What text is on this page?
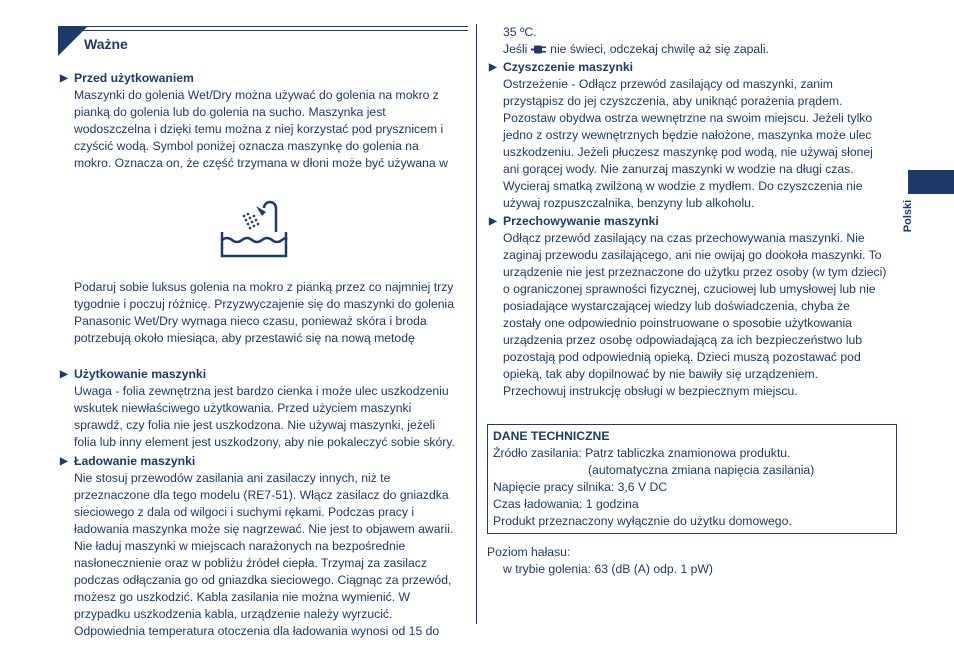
Ważne
▶ Przed użytkowaniem
Maszynki do golenia Wet/Dry można używać do golenia na mokro z
pianką do golenia lub do golenia na sucho. Maszynka jest
wodoszczelna i dzięki temu można z niej korzystać pod prysznicem i
czyścić wodą. Symbol poniżej oznacza maszynkę do golenia na
mokro. Oznacza on, że część trzymana w dłoni może być używana w
Podaruj sobie luksus golenia na mokro z pianką przez co najmniej trzy
tygodnie i poczuj różnicę. Przyzwyczajenie się do maszynki do golenia
Panasonic Wet/Dry wymaga nieco czasu, ponieważ skóra i broda
potrzebują około miesiąca, aby przestawić się na nową metodę
▶ Użytkowanie maszynki
Uwaga - folia zewnętrzna jest bardzo cienka i może ulec uszkodzeniu
wskutek niewłaściwego użytkowania. Przed użyciem maszynki
sprawdź, czy folia nie jest uszkodzona. Nie używaj maszynki, jeżeli
folia lub inny element jest uszkodzony, aby nie pokaleczyć sobie skóry.
▶ Ładowanie maszynki
Nie stosuj przewodów zasilania ani zasilaczy innych, niż te
przeznaczone dla tego modelu (RE7-51). Włącz zasilacz do gniazdka
sieciowego z dala od wilgoci i suchymi rękami. Podczas pracy i
ładowania maszynka może się nagrzewać. Nie jest to objawem awarii.
Nie ładuj maszynki w miejscach narażonych na bezpośrednie
nasłonecznienie oraz w pobliżu źródeł ciepła. Trzymaj za zasilacz
podczas odłączania go od gniazdka sieciowego. Ciągnąc za przewód,
możesz go uszkodzić. Kabla zasilania nie można wymienić. W
przypadku uszkodzenia kabla, urządzenie należy wyrzucić.
Odpowiednia temperatura otoczenia dla ładowania wynosi od 15 do
35 ºC.
Jeśli nie świeci, odczekaj chwilę aż się zapali.
▶ Czyszczenie maszynki
Ostrzeżenie - Odłącz przewód zasilający od maszynki, zanim
przystąpisz do jej czyszczenia, aby uniknąć porażenia prądem.
Pozostaw obydwa ostrza wewnętrzne na swoim miejscu. Jeżeli tylko
jedno z ostrzy wewnętrznych będzie nałożone, maszynka może ulec
uszkodzeniu. Jeżeli płuczesz maszynkę pod wodą, nie używaj słonej
ani gorącej wody. Nie zanurzaj maszynki w wodzie na długi czas.
Wycieraj smatką zwilżoną w wodzie z mydłem. Do czyszczenia nie
używaj rozpuszczalnika, benzyny lub alkoholu.
▶ Przechowywanie maszynki
Odłącz przewód zasilający na czas przechowywania maszynki. Nie
zaginaj przewodu zasilającego, ani nie owijaj go dookoła maszynki. To
urządzenie nie jest przeznaczone do użytku przez osoby (w tym dzieci)
o ograniczonej sprawności fizycznej, czuciowej lub umysłowej lub nie
posiadające wystarczającej wiedzy lub doświadczenia, chyba że
zostały one odpowiednio poinstruowane o sposobie użytkowania
urządzenia przez osobę odpowiadającą za ich bezpieczeństwo lub
pozostają pod odpowiednią opieką. Dzieci muszą pozostawać pod
opieką, tak aby dopilnować by nie bawiły się urządzeniem.
Przechowuj instrukcję obsługi w bezpiecznym miejscu.
DANE TECHNICZNE
Źródło zasilania: Patrz tabliczka znamionowa produktu.
(automatyczna zmiana napięcia zasilania)
Napięcie pracy silnika: 3,6 V DC
Czas ładowania: 1 godzina
Produkt przeznaczony wyłącznie do użytku domowego.
Poziom hałasu:
w trybie golenia: 63 (dB (A) odp. 1 pW)
Polski
